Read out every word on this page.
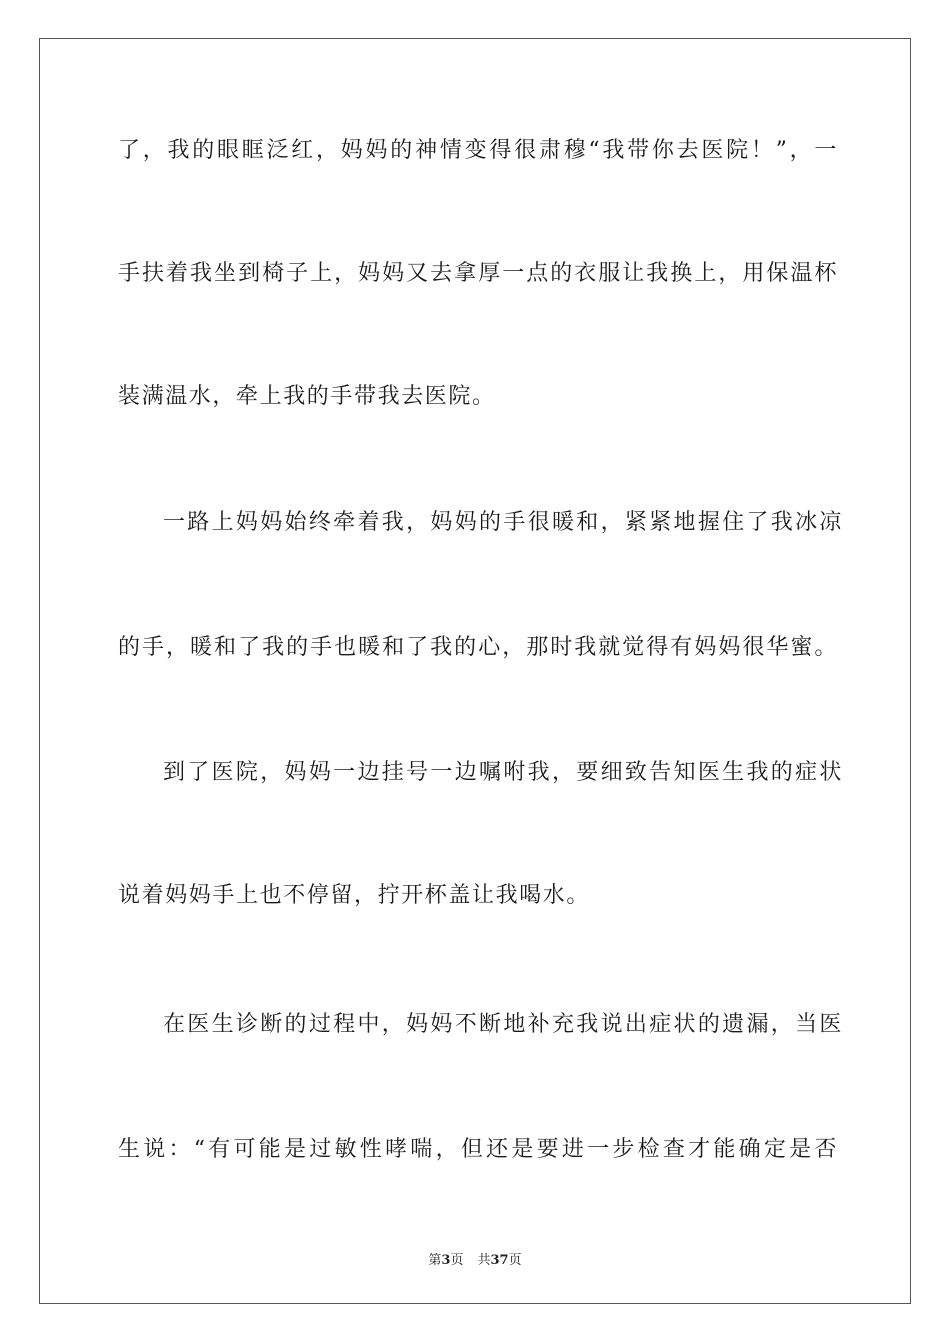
了，我的眼眶泛红，妈妈的神情变得很肃穆“我带你去医院！”，一
手扶着我坐到椅子上，妈妈又去拿厚一点的衣服让我换上，用保温杯
装满温水，牵上我的手带我去医院。
一路上妈妈始终牵着我，妈妈的手很暖和，紧紧地握住了我冰凉
的手，暖和了我的手也暖和了我的心，那时我就觉得有妈妈很华蜜。
到了医院，妈妈一边挂号一边嘱咐我，要细致告知医生我的症状
说着妈妈手上也不停留，拧开杯盖让我喝水。
在医生诊断的过程中，妈妈不断地补充我说出症状的遗漏，当医
生说：“有可能是过敏性哮喘，但还是要进一步检查才能确定是否
第3页 共37页
